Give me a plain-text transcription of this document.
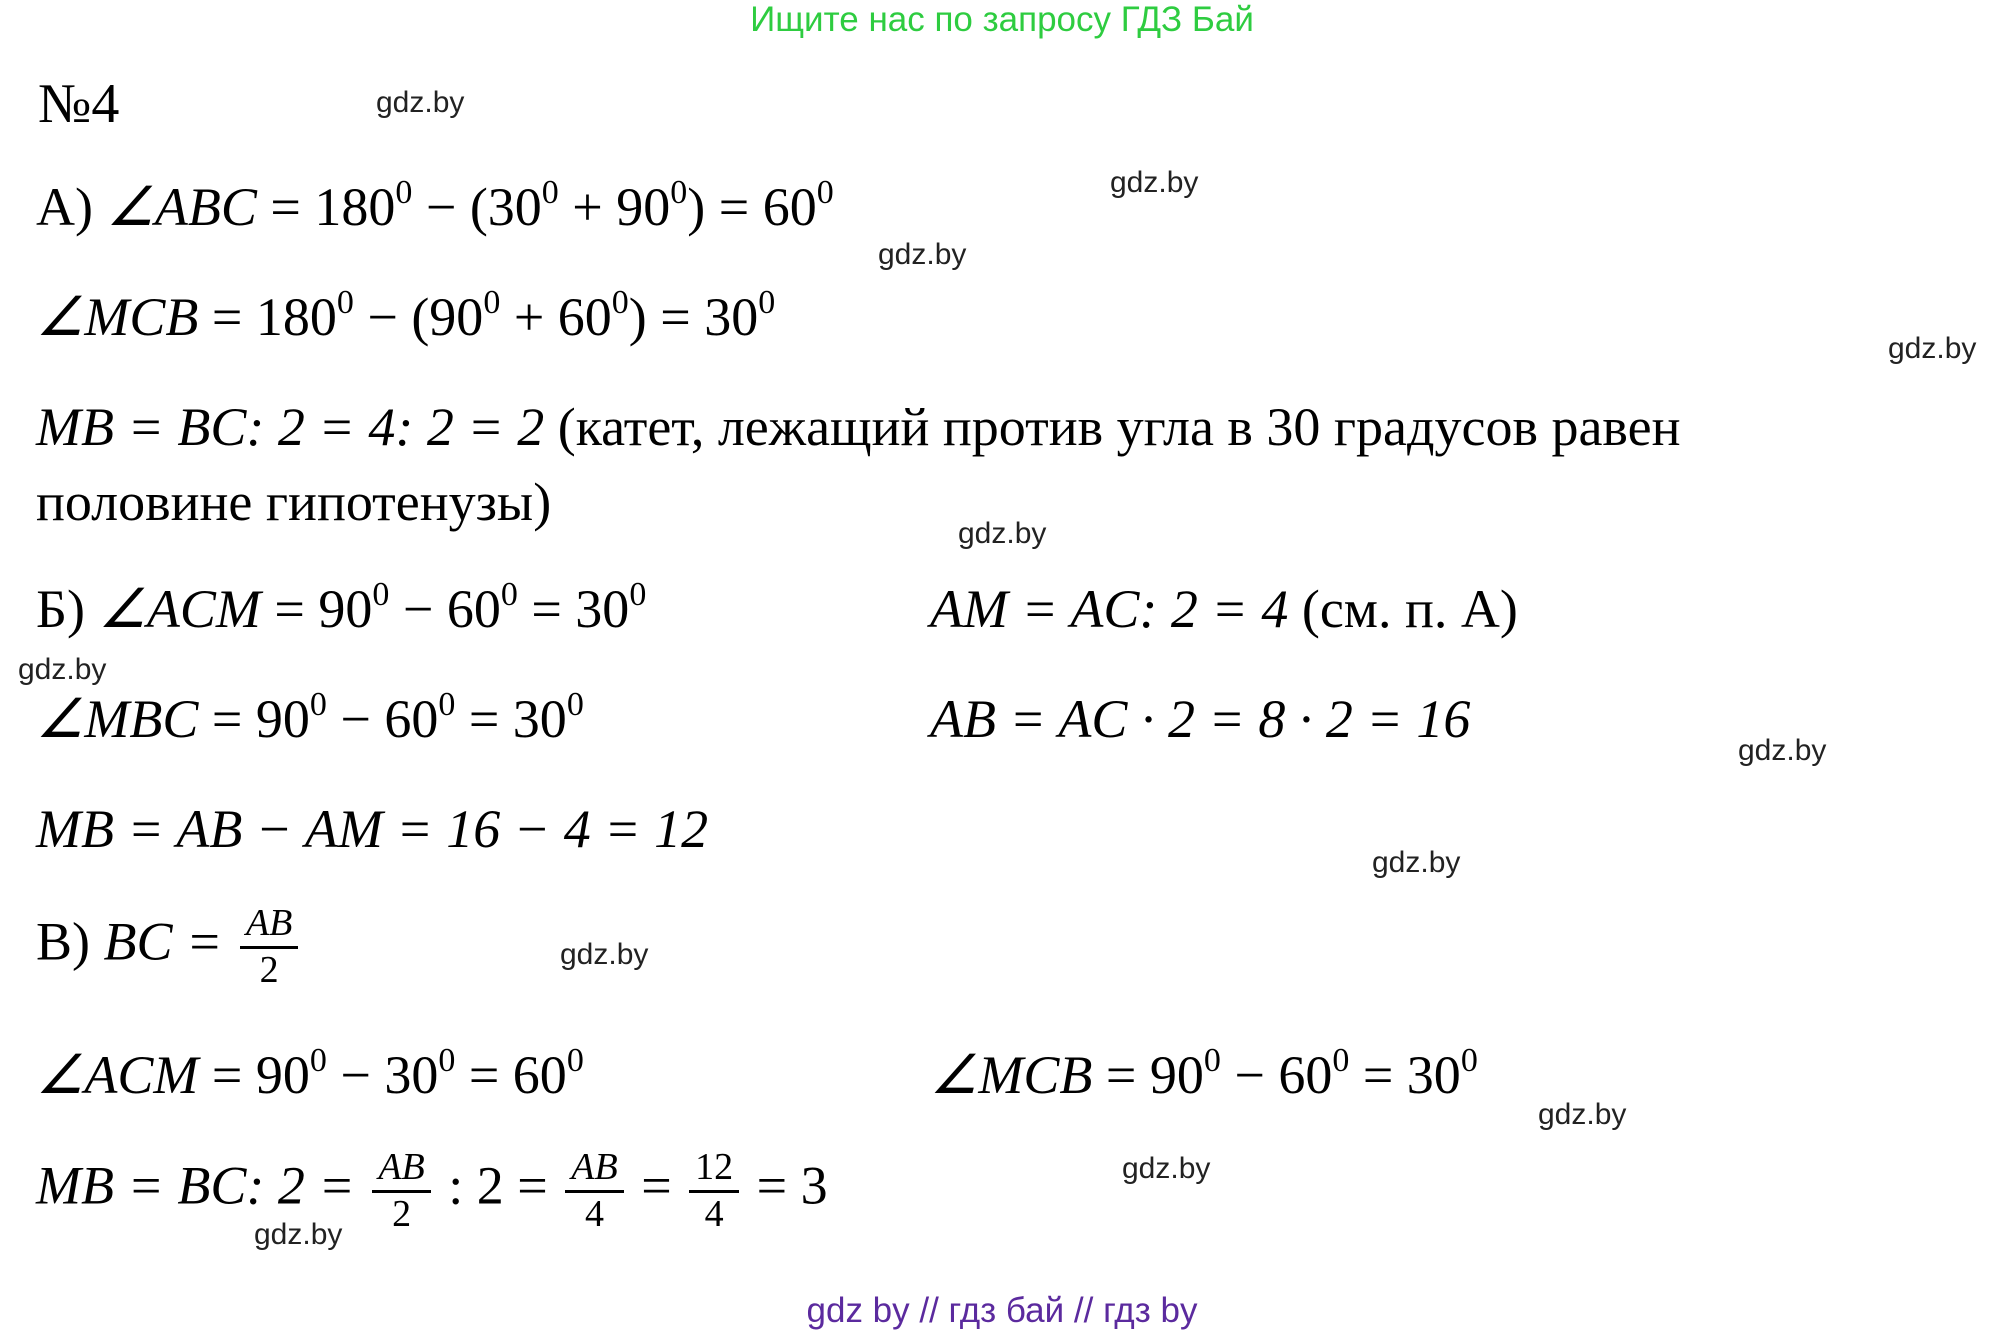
Ищите нас по запросу ГДЗ Бай
№4	gdz.by
gdz.by
gdz.by
gdz.by
gdz.by
gdz.by
gdz.by
gdz.by
gdz.by
gdz.by
gdz.by
gdz.by
А) ∠ABC = $180^0 - (30^0 + 90^0) = 60^0$
∠MCB = $180^0 - (90^0 + 60^0) = 30^0$
MB = BC: 2 = 4: 2 = 2 (катет, лежащий против угла в 30 градусов равен
половине гипотенузы)
Б) ∠ACM = $90^0 - 60^0 = 30^0$	AM = AC: 2 = 4 (см. п. А)
∠MBC = $90^0 - 60^0 = 30^0$	AB = AC · 2 = 8 · 2 = 16
MB = AB − AM = 16 − 4 = 12
В) BC = $\frac{AB}{2}$
∠ACM = $90^0 - 30^0 = 60^0$	∠MCB = $90^0 - 60^0 = 30^0$
MB = BC: $2 = \frac{AB}{2}$ : $2 = \frac{AB}{4} = \frac{12}{4} = 3$
gdz by // гдз бай // гдз by
